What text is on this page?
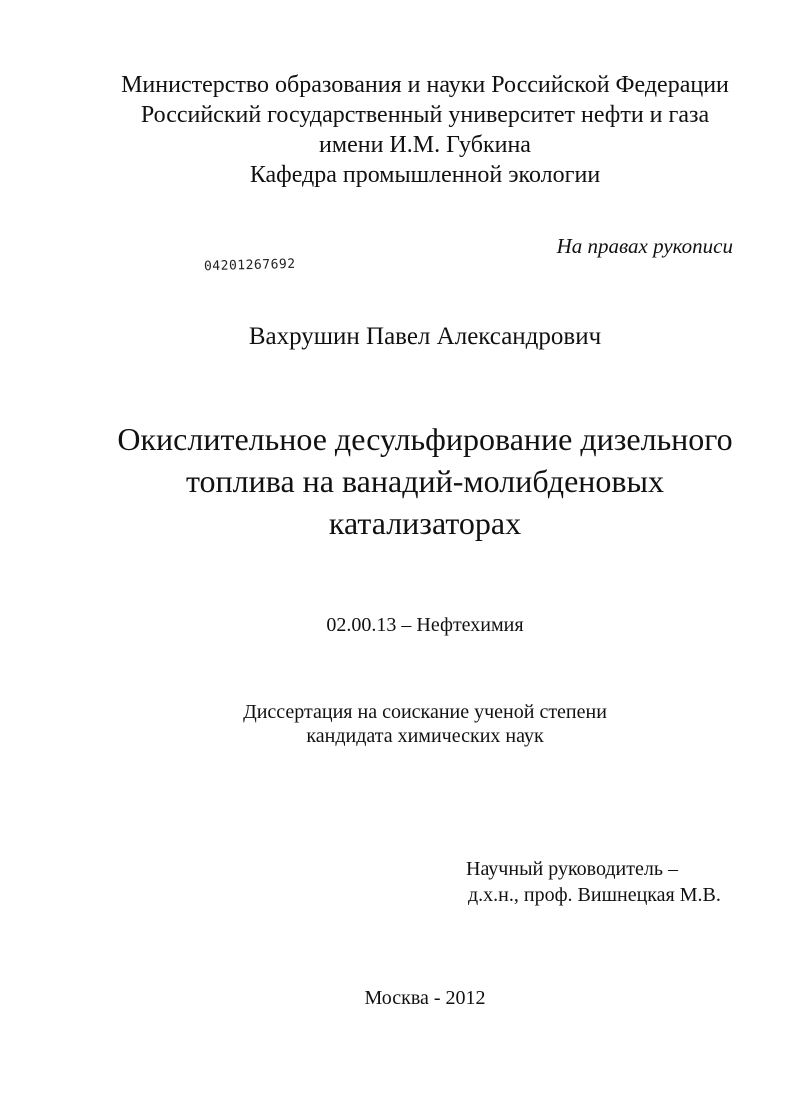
Министерство образования и науки Российской Федерации
Российский государственный университет нефти и газа
имени И.М. Губкина
Кафедра промышленной экологии
На правах рукописи
04201267692
Вахрушин Павел Александрович
Окислительное десульфирование дизельного
топлива на ванадий-молибденовых
катализаторах
02.00.13 – Нефтехимия
Диссертация на соискание ученой степени
кандидата химических наук
Научный руководитель –
д.х.н., проф. Вишнецкая М.В.
Москва - 2012
